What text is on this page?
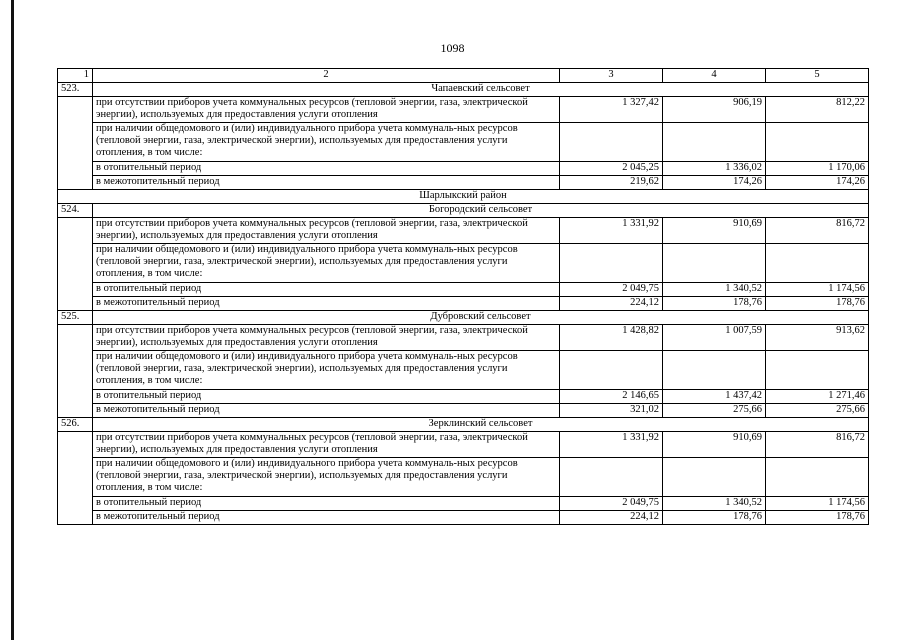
1098
1	2	3	4	5
523.	Чапаевский сельсовет			
	при отсутствии приборов учета коммунальных ресурсов (тепловой энергии, газа, электрической энергии), используемых для предоставления услуги отопления	1 327,42	906,19	812,22
	при наличии общедомового и (или) индивидуального прибора учета коммуналь-ных ресурсов (тепловой энергии, газа, электрической энергии), используемых для предоставления услуги отопления, в том числе:			
	в отопительный период	2 045,25	1 336,02	1 170,06
	в межотопительный период	219,62	174,26	174,26
Шарлыкский район				
524.	Богородский сельсовет			
	при отсутствии приборов учета коммунальных ресурсов (тепловой энергии, газа, электрической энергии), используемых для предоставления услуги отопления	1 331,92	910,69	816,72
	при наличии общедомового и (или) индивидуального прибора учета коммуналь-ных ресурсов (тепловой энергии, газа, электрической энергии), используемых для предоставления услуги отопления, в том числе:			
	в отопительный период	2 049,75	1 340,52	1 174,56
	в межотопительный период	224,12	178,76	178,76
525.	Дубровский сельсовет			
	при отсутствии приборов учета коммунальных ресурсов (тепловой энергии, газа, электрической энергии), используемых для предоставления услуги отопления	1 428,82	1 007,59	913,62
	при наличии общедомового и (или) индивидуального прибора учета коммуналь-ных ресурсов (тепловой энергии, газа, электрической энергии), используемых для предоставления услуги отопления, в том числе:			
	в отопительный период	2 146,65	1 437,42	1 271,46
	в межотопительный период	321,02	275,66	275,66
526.	Зерклинский сельсовет			
	при отсутствии приборов учета коммунальных ресурсов (тепловой энергии, газа, электрической энергии), используемых для предоставления услуги отопления	1 331,92	910,69	816,72
	при наличии общедомового и (или) индивидуального прибора учета коммуналь-ных ресурсов (тепловой энергии, газа, электрической энергии), используемых для предоставления услуги отопления, в том числе:			
	в отопительный период	2 049,75	1 340,52	1 174,56
	в межотопительный период	224,12	178,76	178,76
